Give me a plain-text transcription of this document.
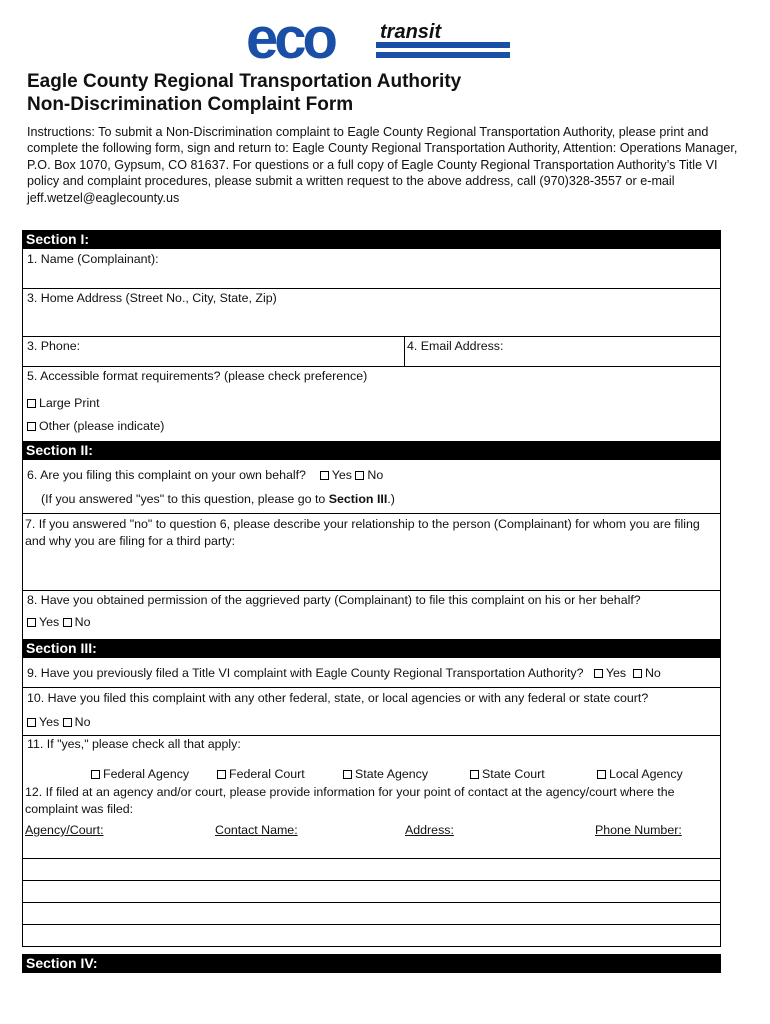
eco transit
Eagle County Regional Transportation Authority
Non-Discrimination Complaint Form
Instructions: To submit a Non-Discrimination complaint to Eagle County Regional Transportation Authority, please print and complete the following form, sign and return to: Eagle County Regional Transportation Authority, Attention: Operations Manager, P.O. Box 1070, Gypsum, CO 81637. For questions or a full copy of Eagle County Regional Transportation Authority’s Title VI policy and complaint procedures, please submit a written request to the above address, call (970)328-3557 or e-mail jeff.wetzel@eaglecounty.us
Section I:
1. Name (Complainant):
3. Home Address (Street No., City, State, Zip)
3. Phone:	4. Email Address:
5. Accessible format requirements? (please check preference)
Large Print
Other (please indicate)
Section II:
6. Are you filing this complaint on your own behalf? Yes No
(If you answered "yes" to this question, please go to Section III.)
7. If you answered "no" to question 6, please describe your relationship to the person (Complainant) for whom you are filing and why you are filing for a third party:
8. Have you obtained permission of the aggrieved party (Complainant) to file this complaint on his or her behalf?
Yes No
Section III:
9. Have you previously filed a Title VI complaint with Eagle County Regional Transportation Authority? Yes No
10. Have you filed this complaint with any other federal, state, or local agencies or with any federal or state court?
Yes No
11. If "yes," please check all that apply:
Federal Agency	Federal Court	State Agency	State Court	Local Agency
12. If filed at an agency and/or court, please provide information for your point of contact at the agency/court where the complaint was filed:
Agency/Court:	Contact Name:	Address:	Phone Number:
Section IV:
